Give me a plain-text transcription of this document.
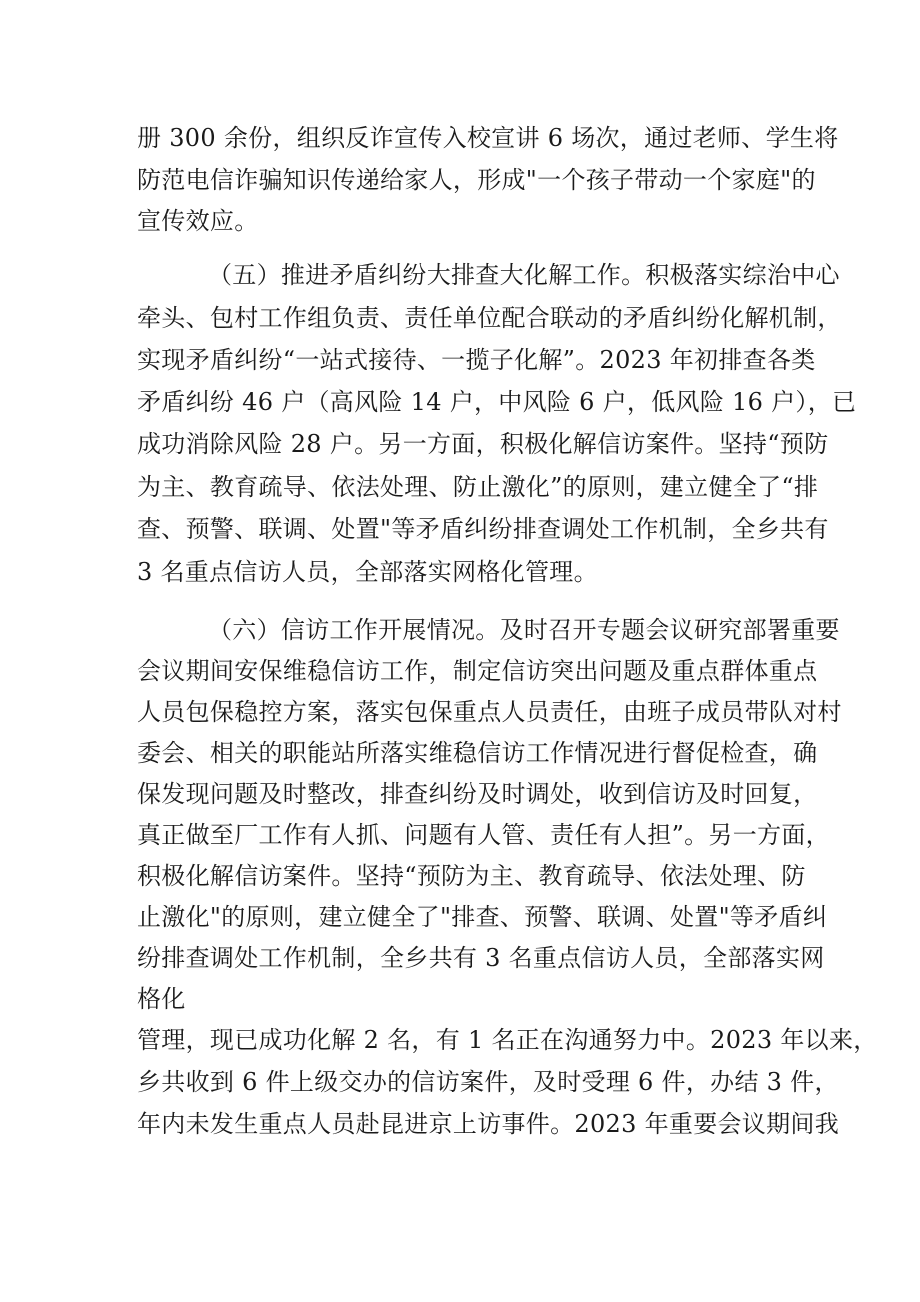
册 300 余份，组织反诈宣传入校宣讲 6 场次，通过老师、学生将
防范电信诈骗知识传递给家人，形成"一个孩子带动一个家庭"的
宣传效应。
（五）推进矛盾纠纷大排查大化解工作。积极落实综治中心
牵头、包村工作组负责、责任单位配合联动的矛盾纠纷化解机制，
实现矛盾纠纷“一站式接待、一揽子化解”。2023 年初排查各类
矛盾纠纷 46 户（高风险 14 户，中风险 6 户，低风险 16 户），已
成功消除风险 28 户。另一方面，积极化解信访案件。坚持“预防
为主、教育疏导、依法处理、防止激化”的原则，建立健全了“排
查、预警、联调、处置"等矛盾纠纷排查调处工作机制，全乡共有
3 名重点信访人员，全部落实网格化管理。
（六）信访工作开展情况。及时召开专题会议研究部署重要
会议期间安保维稳信访工作，制定信访突出问题及重点群体重点
人员包保稳控方案，落实包保重点人员责任，由班子成员带队对村
委会、相关的职能站所落实维稳信访工作情况进行督促检查，确
保发现问题及时整改，排查纠纷及时调处，收到信访及时回复，
真正做至厂工作有人抓、问题有人管、责任有人担”。另一方面，
积极化解信访案件。坚持“预防为主、教育疏导、依法处理、防
止激化"的原则，建立健全了"排查、预警、联调、处置"等矛盾纠
纷排查调处工作机制，全乡共有 3 名重点信访人员，全部落实网
格化
管理，现已成功化解 2 名，有 1 名正在沟通努力中。2023 年以来，
乡共收到 6 件上级交办的信访案件，及时受理 6 件，办结 3 件，
年内未发生重点人员赴昆进京上访事件。2023 年重要会议期间我
